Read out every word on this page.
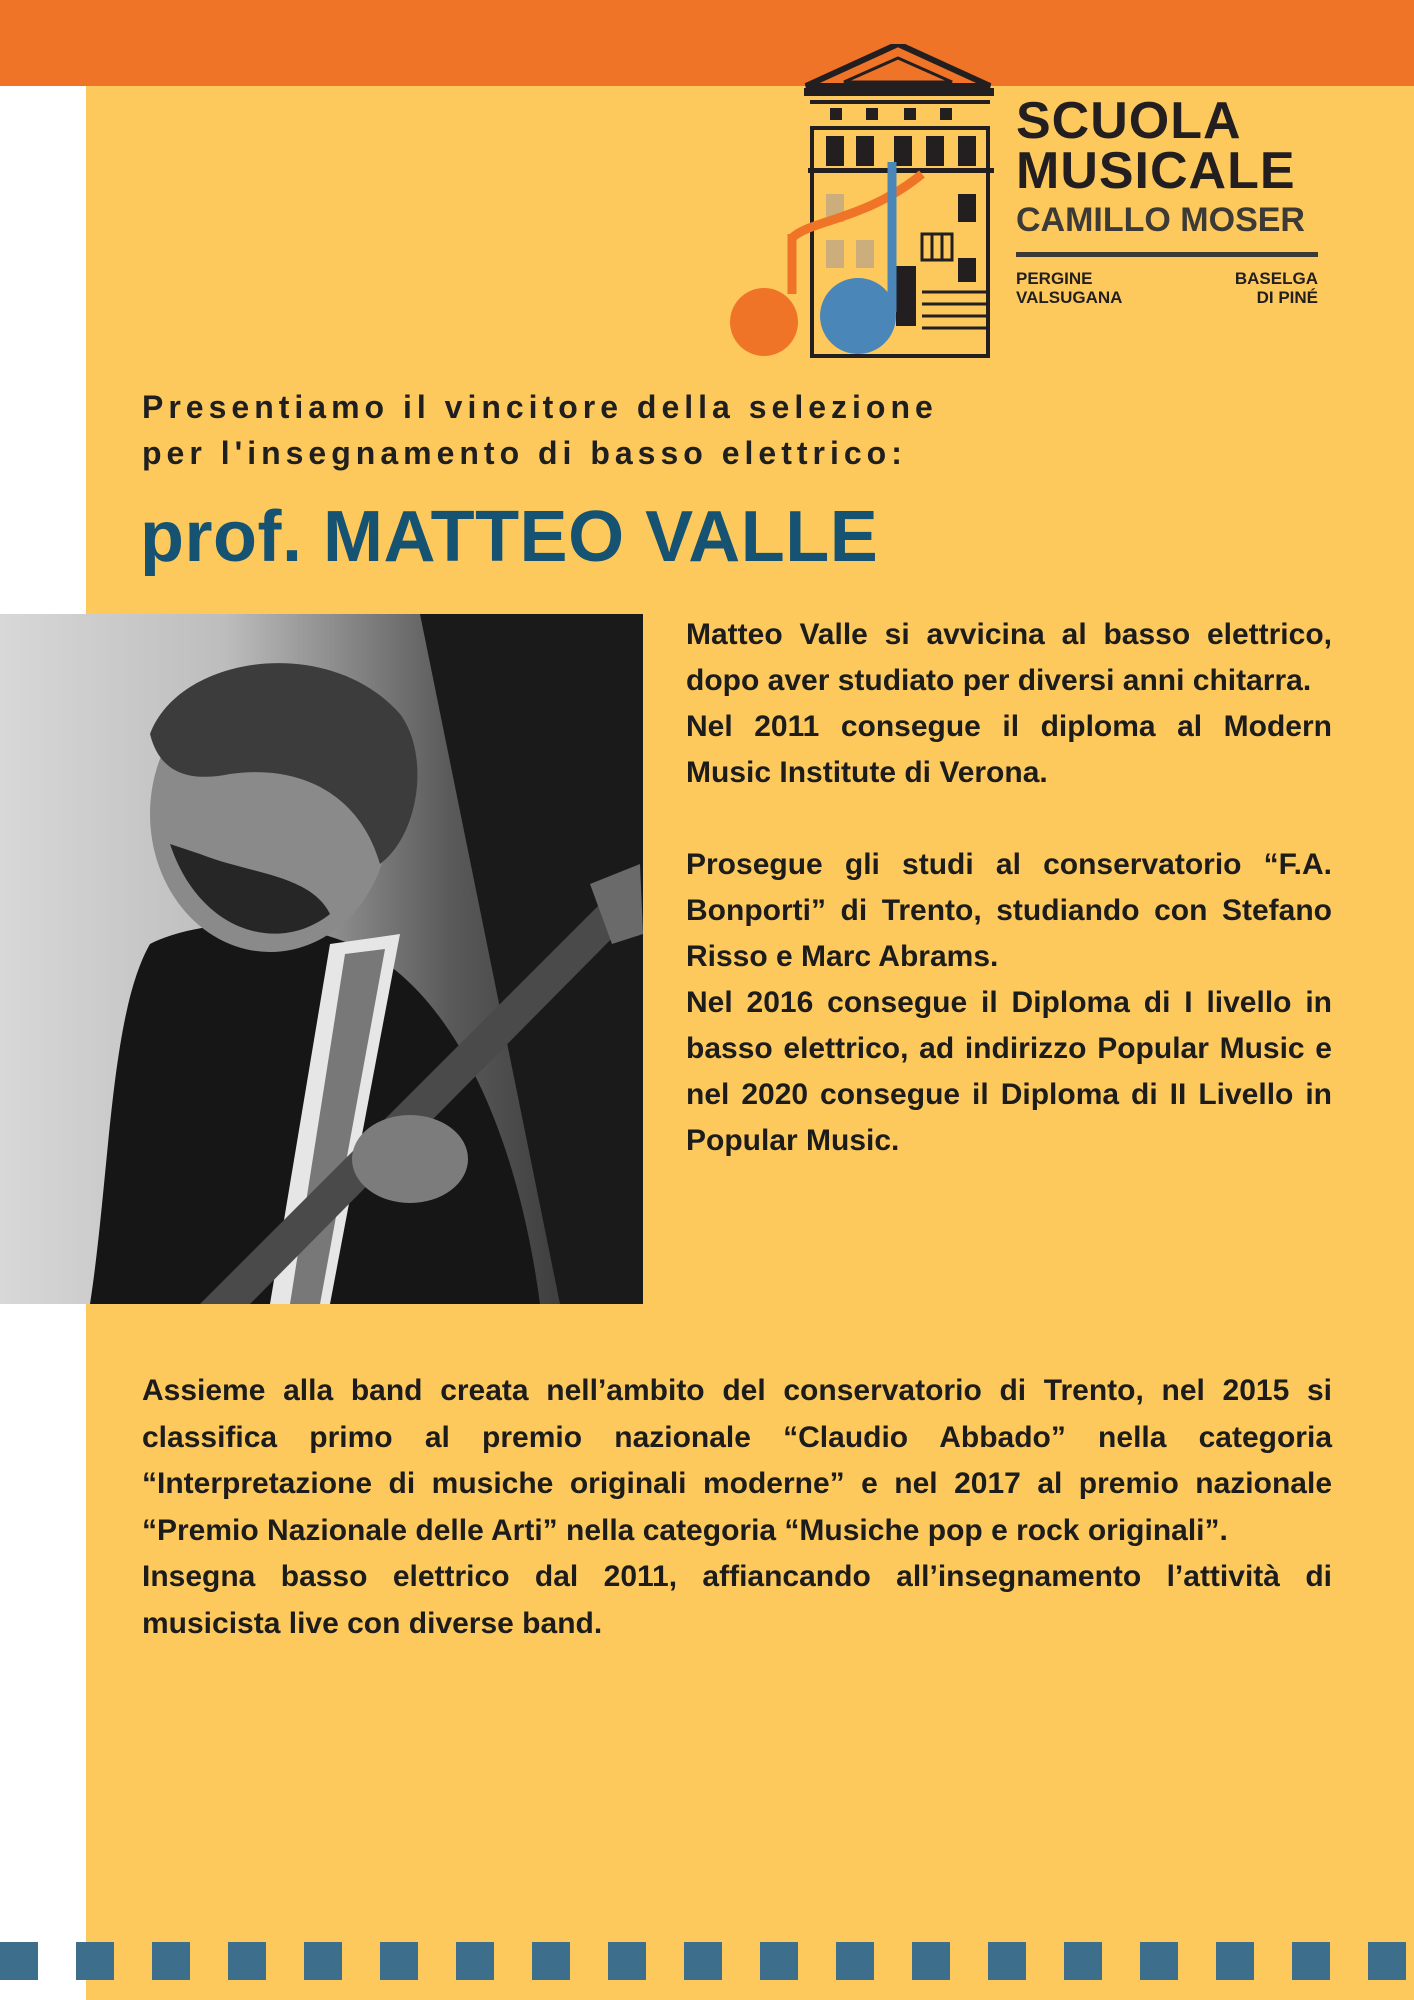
SCUOLA
MUSICALE
CAMILLO MOSER
PERGINE
VALSUGANA
BASELGA
DI PINÉ
Presentiamo il vincitore della selezione
per l'insegnamento di basso elettrico:
prof. MATTEO VALLE

Matteo Valle si avvicina al basso elettrico, dopo aver studiato per diversi anni chitarra.

Nel 2011 consegue il diploma al Modern Music Institute di Verona.

Prosegue gli studi al conservatorio “F.A. Bonporti” di Trento, studiando con Stefano Risso e Marc Abrams.

Nel 2016 consegue il Diploma di I livello in basso elettrico, ad indirizzo Popular Music e nel 2020 consegue il Diploma di II Livello in Popular Music.

Assieme alla band creata nell’ambito del conservatorio di Trento, nel 2015 si classifica primo al premio nazionale “Claudio Abbado” nella categoria “Interpretazione di musiche originali moderne” e nel 2017 al premio nazionale “Premio Nazionale delle Arti” nella categoria “Musiche pop e rock originali”.

Insegna basso elettrico dal 2011, affiancando all’insegnamento l’attività di musicista live con diverse band.
